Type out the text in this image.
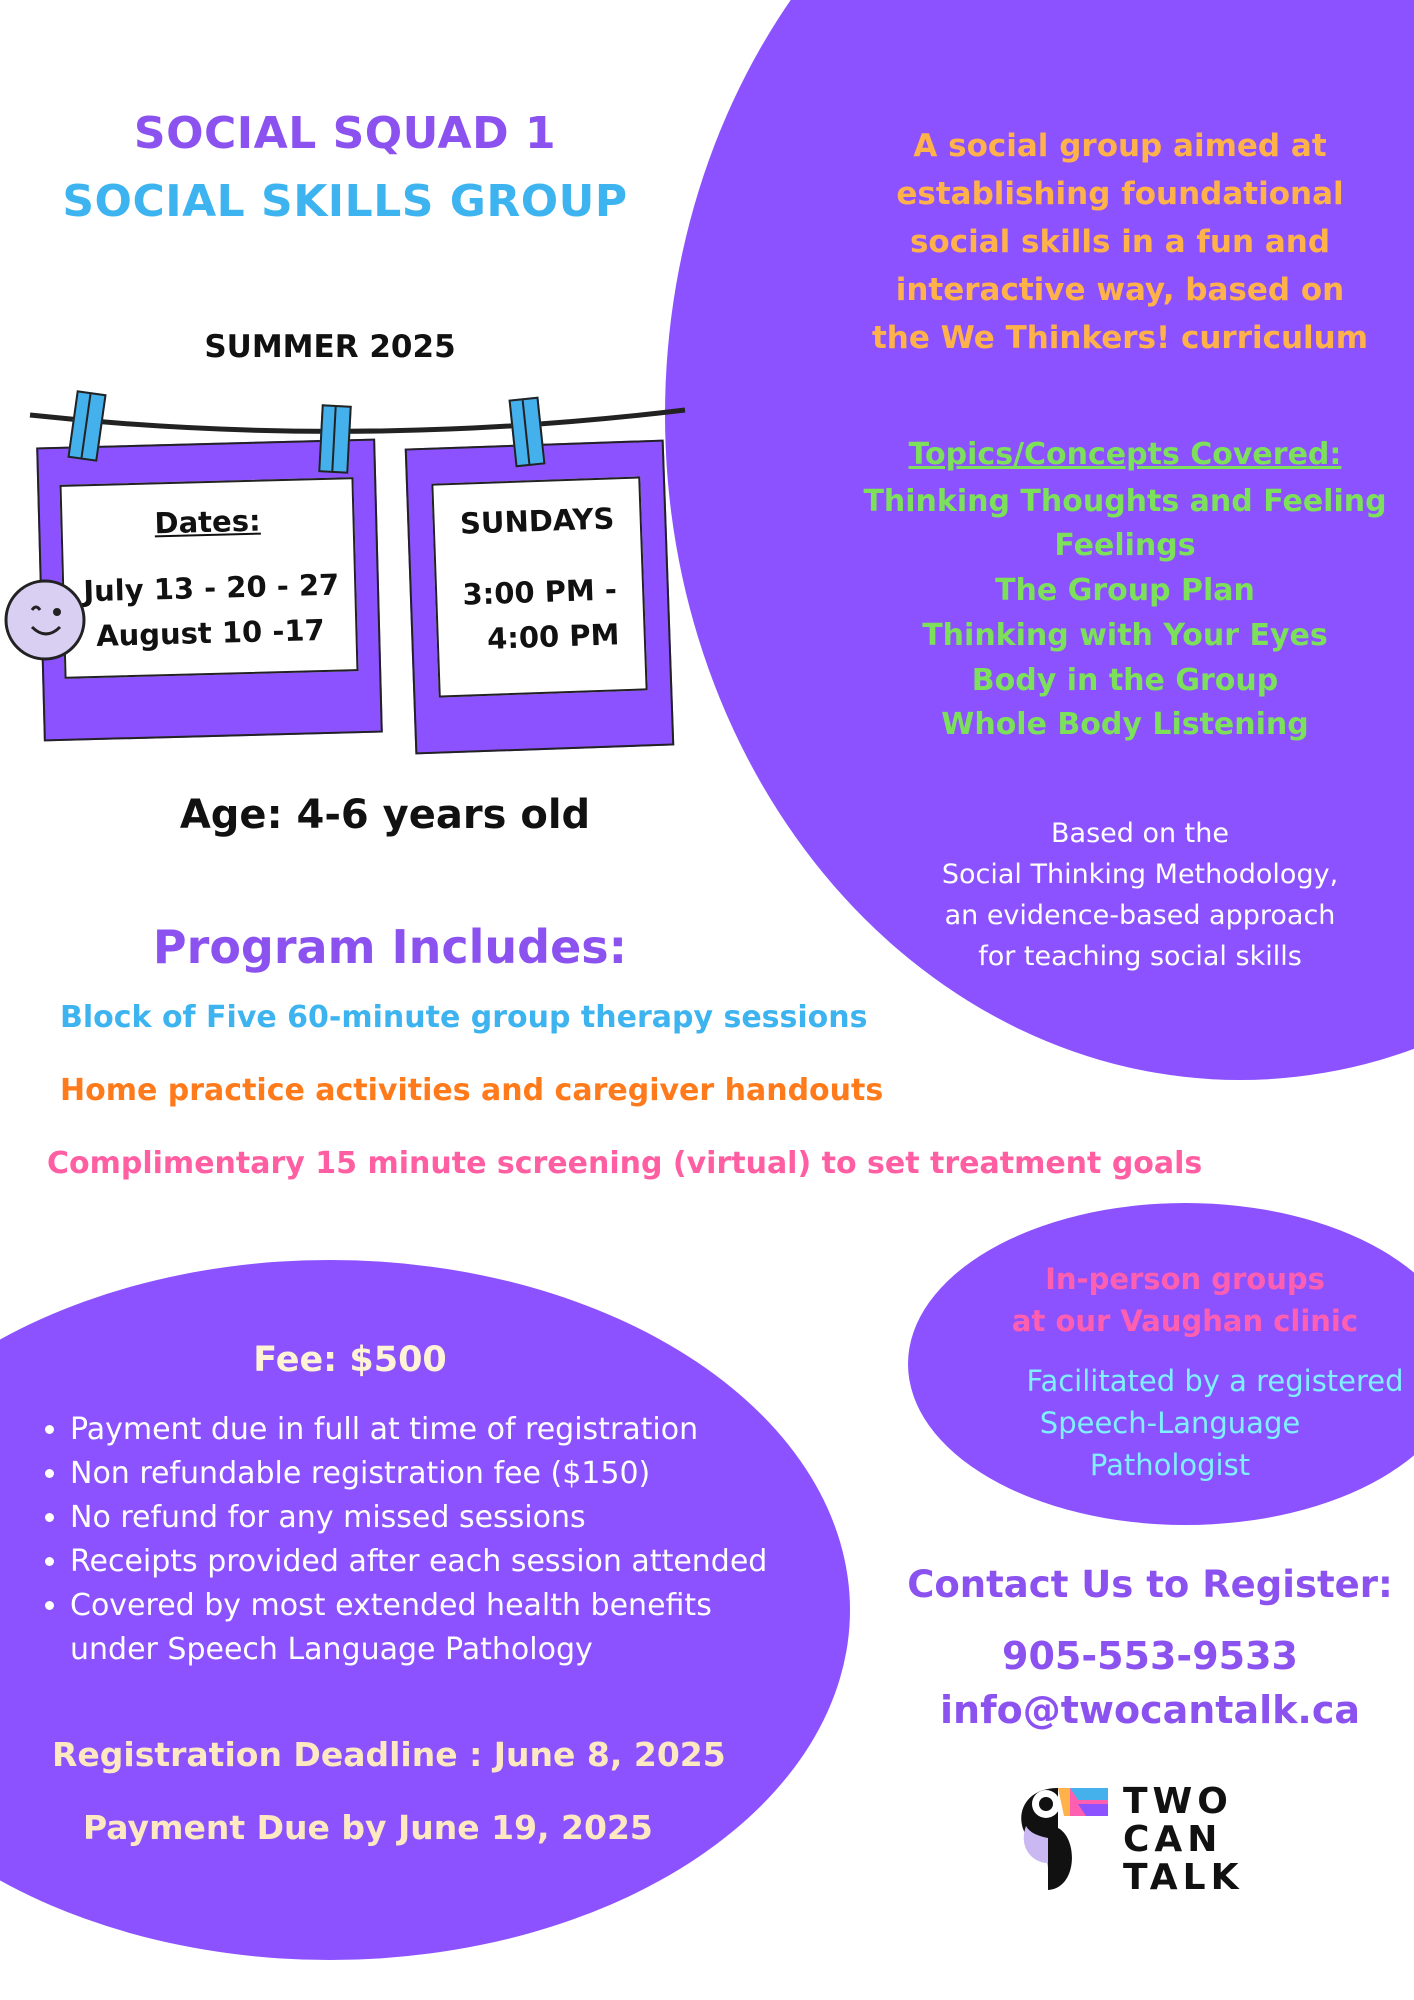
SOCIAL SQUAD 1
SOCIAL SKILLS GROUP
SUMMER 2025
Dates:
July 13 - 20 - 27
August 10 -17
SUNDAYS
3:00 PM -
4:00 PM
Age: 4-6 years old
A social group aimed at
establishing foundational
social skills in a fun and
interactive way, based on
the We Thinkers! curriculum
Topics/Concepts Covered:
Thinking Thoughts and Feeling
Feelings
The Group Plan
Thinking with Your Eyes
Body in the Group
Whole Body Listening
Based on the
Social Thinking Methodology,
an evidence-based approach
for teaching social skills
Program Includes:
Block of Five 60-minute group therapy sessions
Home practice activities and caregiver handouts
Complimentary 15 minute screening (virtual) to set treatment goals
Fee: $500
• Payment due in full at time of registration
• Non refundable registration fee ($150)
• No refund for any missed sessions
• Receipts provided after each session attended
• Covered by most extended health benefits under Speech Language Pathology
Registration Deadline : June 8, 2025
Payment Due by June 19, 2025
In-person groups
at our Vaughan clinic
Facilitated by a registered
Speech-Language
Pathologist
Contact Us to Register:
905-553-9533
info@twocantalk.ca
TWO
CAN
TALK
